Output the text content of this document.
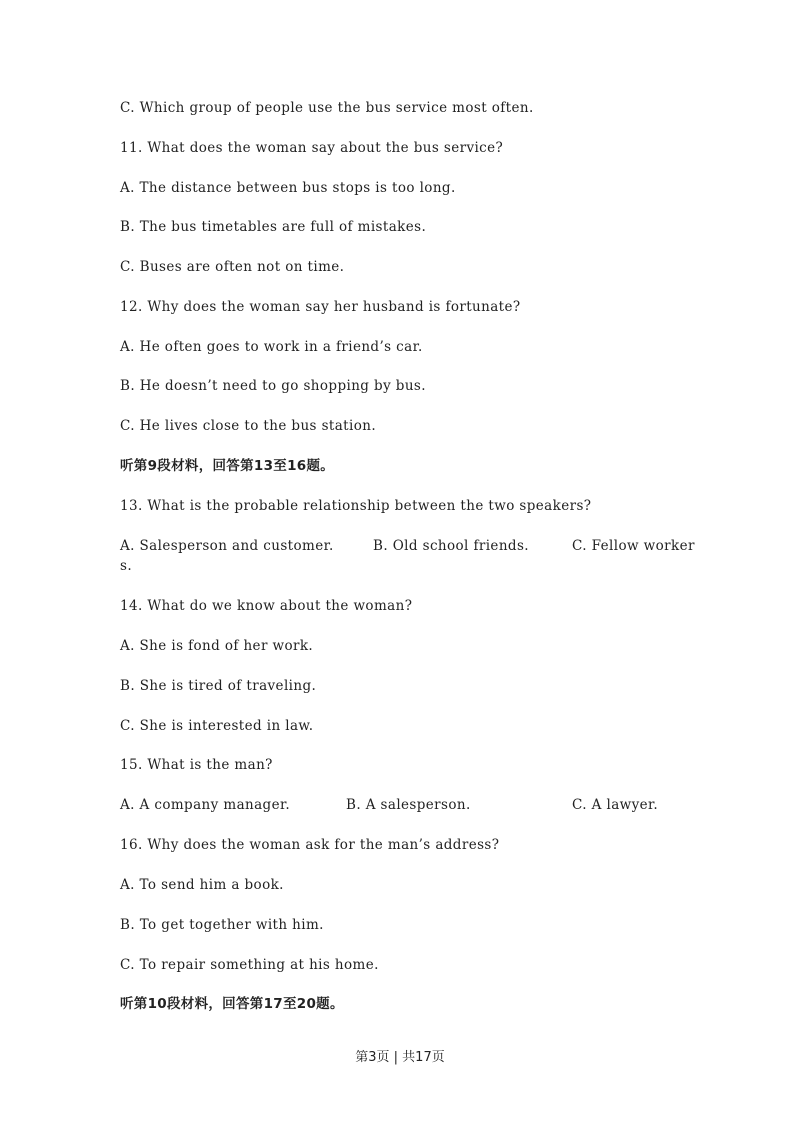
C. Which group of people use the bus service most often.
11. What does the woman say about the bus service?
A. The distance between bus stops is too long.
B. The bus timetables are full of mistakes.
C. Buses are often not on time.
12. Why does the woman say her husband is fortunate?
A. He often goes to work in a friend’s car.
B. He doesn’t need to go shopping by bus.
C. He lives close to the bus station.
听第9段材料，回答第13至16题。
13. What is the probable relationship between the two speakers?
A. Salesperson and customer.	B. Old school friends.	C. Fellow worker
s.
14. What do we know about the woman?
A. She is fond of her work.
B. She is tired of traveling.
C. She is interested in law.
15. What is the man?
A. A company manager.	B. A salesperson.	C. A lawyer.
16. Why does the woman ask for the man’s address?
A. To send him a book.
B. To get together with him.
C. To repair something at his home.
听第10段材料，回答第17至20题。
第3页 | 共17页
